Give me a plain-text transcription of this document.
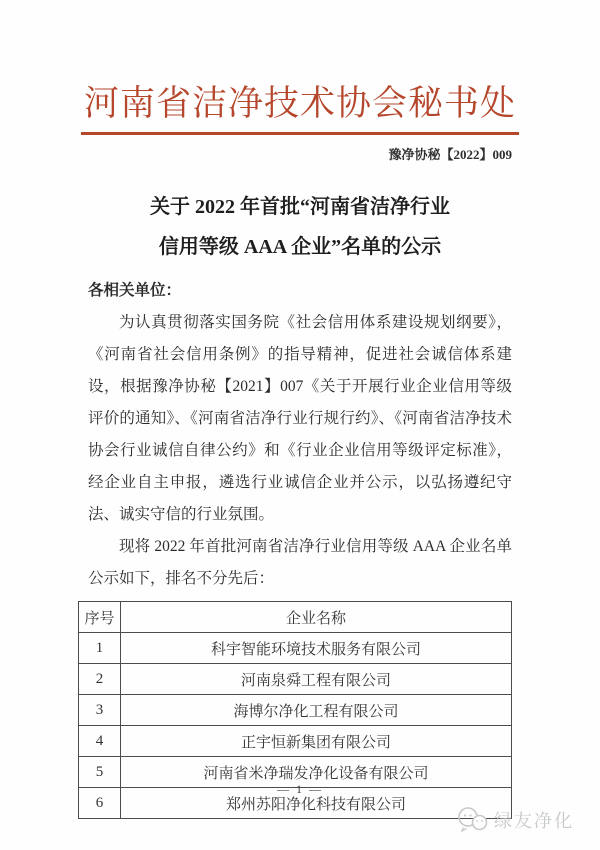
河南省洁净技术协会秘书处
豫净协秘【2022】009
关于 2022 年首批“河南省洁净行业
信用等级 AAA 企业”名单的公示
各相关单位：
为认真贯彻落实国务院《社会信用体系建设规划纲要》，《河南省社会信用条例》的指导精神，促进社会诚信体系建设，根据豫净协秘【2021】007《关于开展行业企业信用等级评价的通知》、《河南省洁净行业行规行约》、《河南省洁净技术协会行业诚信自律公约》和《行业企业信用等级评定标准》，经企业自主申报，遴选行业诚信企业并公示，以弘扬遵纪守法、诚实守信的行业氛围。
现将 2022 年首批河南省洁净行业信用等级 AAA 企业名单公示如下，排名不分先后：
序号	企业名称
1	科宇智能环境技术服务有限公司
2	河南泉舜工程有限公司
3	海博尔净化工程有限公司
4	正宇恒新集团有限公司
5	河南省米净瑞发净化设备有限公司
6	郑州苏阳净化科技有限公司
— 1 —
绿友净化
